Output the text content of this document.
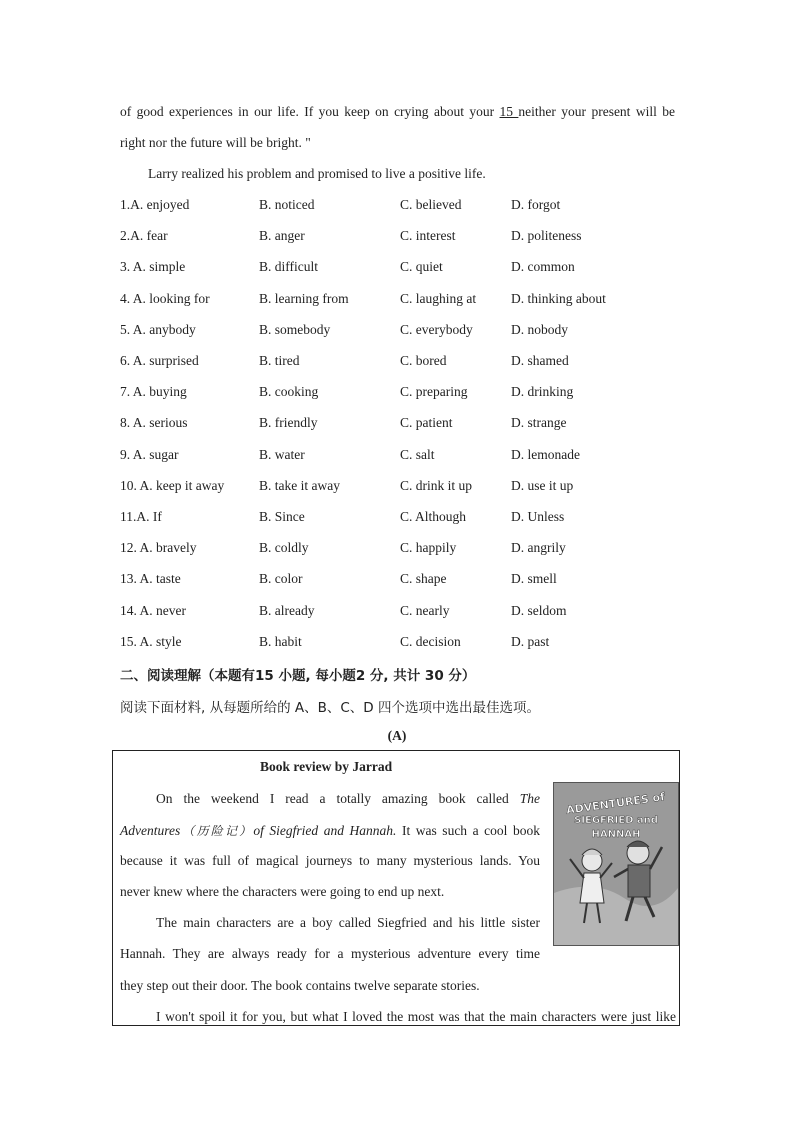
of good experiences in our life. If you keep on crying about your 15 neither your present will be
right nor the future will be bright. "
Larry realized his problem and promised to live a positive life.
1.A. enjoyed	B. noticed	C. believed	D. forgot
2.A. fear	B. anger	C. interest	D. politeness
3. A. simple	B. difficult	C. quiet	D. common
4. A. looking for	B. learning from	C. laughing at	D. thinking about
5. A. anybody	B. somebody	C. everybody	D. nobody
6. A. surprised	B. tired	C. bored	D. shamed
7. A. buying	B. cooking	C. preparing	D. drinking
8. A. serious	B. friendly	C. patient	D. strange
9. A. sugar	B. water	C. salt	D. lemonade
10. A. keep it away	B. take it away	C. drink it up	D. use it up
11.A. If	B. Since	C. Although	D. Unless
12. A. bravely	B. coldly	C. happily	D. angrily
13. A. taste	B. color	C. shape	D. smell
14. A. never	B. already	C. nearly	D. seldom
15. A. style	B. habit	C. decision	D. past
二、阅读理解（本题有15 小题, 每小题2 分, 共计 30 分）
阅读下面材料, 从每题所给的 A、B、C、D 四个选项中选出最佳选项。
(A)
Book review by Jarrad
On the weekend I read a totally amazing book called The
Adventures（历险记）of Siegfried and Hannah. It was such a cool book
because it was full of magical journeys to many mysterious lands. You
never knew where the characters were going to end up next.
The main characters are a boy called Siegfried and his little sister
Hannah. They are always ready for a mysterious adventure every time
they step out their door. The book contains twelve separate stories.
I won't spoil it for you, but what I loved the most was that the main characters were just like
ADVENTURES of
SIEGFRIED and
HANNAH
